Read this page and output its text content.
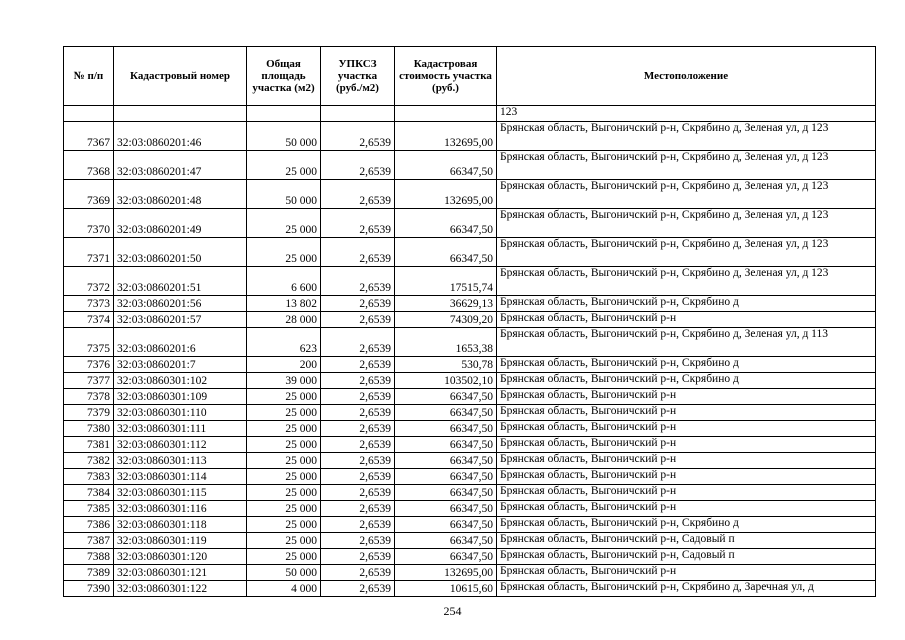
№ п/п	Кадастровый номер	Общая площадь участка (м2)	УПКСЗ участка (руб./м2)	Кадастровая стоимость участка (руб.)	Местоположение
					123
7367	32:03:0860201:46	50 000	2,6539	132695,00	Брянская область, Выгоничский р-н, Скрябино д, Зеленая ул, д 123
7368	32:03:0860201:47	25 000	2,6539	66347,50	Брянская область, Выгоничский р-н, Скрябино д, Зеленая ул, д 123
7369	32:03:0860201:48	50 000	2,6539	132695,00	Брянская область, Выгоничский р-н, Скрябино д, Зеленая ул, д 123
7370	32:03:0860201:49	25 000	2,6539	66347,50	Брянская область, Выгоничский р-н, Скрябино д, Зеленая ул, д 123
7371	32:03:0860201:50	25 000	2,6539	66347,50	Брянская область, Выгоничский р-н, Скрябино д, Зеленая ул, д 123
7372	32:03:0860201:51	6 600	2,6539	17515,74	Брянская область, Выгоничский р-н, Скрябино д, Зеленая ул, д 123
7373	32:03:0860201:56	13 802	2,6539	36629,13	Брянская область, Выгоничский р-н, Скрябино д
7374	32:03:0860201:57	28 000	2,6539	74309,20	Брянская область, Выгоничский р-н
7375	32:03:0860201:6	623	2,6539	1653,38	Брянская область, Выгоничский р-н, Скрябино д, Зеленая ул, д 113
7376	32:03:0860201:7	200	2,6539	530,78	Брянская область, Выгоничский р-н, Скрябино д
7377	32:03:0860301:102	39 000	2,6539	103502,10	Брянская область, Выгоничский р-н, Скрябино д
7378	32:03:0860301:109	25 000	2,6539	66347,50	Брянская область, Выгоничский р-н
7379	32:03:0860301:110	25 000	2,6539	66347,50	Брянская область, Выгоничский р-н
7380	32:03:0860301:111	25 000	2,6539	66347,50	Брянская область, Выгоничский р-н
7381	32:03:0860301:112	25 000	2,6539	66347,50	Брянская область, Выгоничский р-н
7382	32:03:0860301:113	25 000	2,6539	66347,50	Брянская область, Выгоничский р-н
7383	32:03:0860301:114	25 000	2,6539	66347,50	Брянская область, Выгоничский р-н
7384	32:03:0860301:115	25 000	2,6539	66347,50	Брянская область, Выгоничский р-н
7385	32:03:0860301:116	25 000	2,6539	66347,50	Брянская область, Выгоничский р-н
7386	32:03:0860301:118	25 000	2,6539	66347,50	Брянская область, Выгоничский р-н, Скрябино д
7387	32:03:0860301:119	25 000	2,6539	66347,50	Брянская область, Выгоничский р-н, Садовый п
7388	32:03:0860301:120	25 000	2,6539	66347,50	Брянская область, Выгоничский р-н, Садовый п
7389	32:03:0860301:121	50 000	2,6539	132695,00	Брянская область, Выгоничский р-н
7390	32:03:0860301:122	4 000	2,6539	10615,60	Брянская область, Выгоничский р-н, Скрябино д, Заречная ул, д
254
